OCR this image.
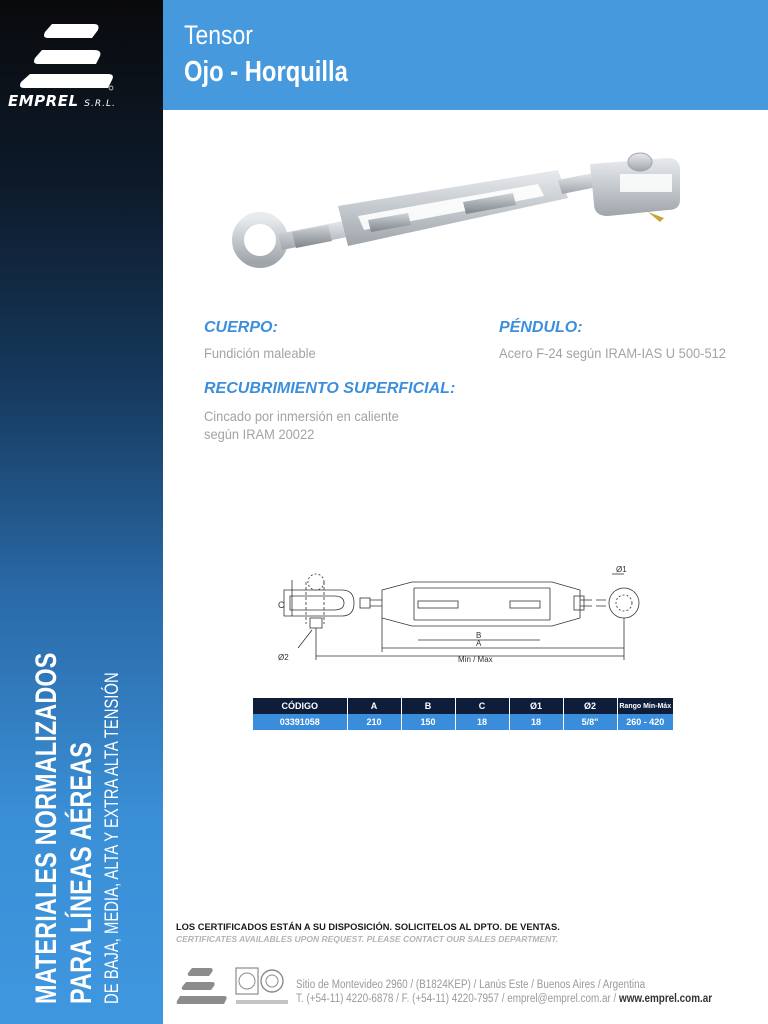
EMPREL S.R.L.
MATERIALES NORMALIZADOS PARA LÍNEAS AÉREAS DE BAJA, MEDIA, ALTA Y EXTRA ALTA TENSIÓN
Tensor
Ojo - Horquilla
CUERPO:
Fundición maleable
PÉNDULO:
Acero F-24 según IRAM-IAS U 500-512
RECUBRIMIENTO SUPERFICIAL:
Cincado por inmersión en caliente
según IRAM 20022
C
Ø1
Ø2
B
A
Min / Max
CÓDIGO	A	B	C	Ø1	Ø2	Rango Min-Máx
03391058	210	150	18	18	5/8"	260 - 420
LOS CERTIFICADOS ESTÁN A SU DISPOSICIÓN. SOLICITELOS AL DPTO. DE VENTAS.
CERTIFICATES AVAILABLES UPON REQUEST. PLEASE CONTACT OUR SALES DEPARTMENT.
Sitio de Montevideo 2960 / (B1824KEP) / Lanús Este / Buenos Aires / Argentina
T. (+54-11) 4220-6878 / F. (+54-11) 4220-7957 / emprel@emprel.com.ar / www.emprel.com.ar
